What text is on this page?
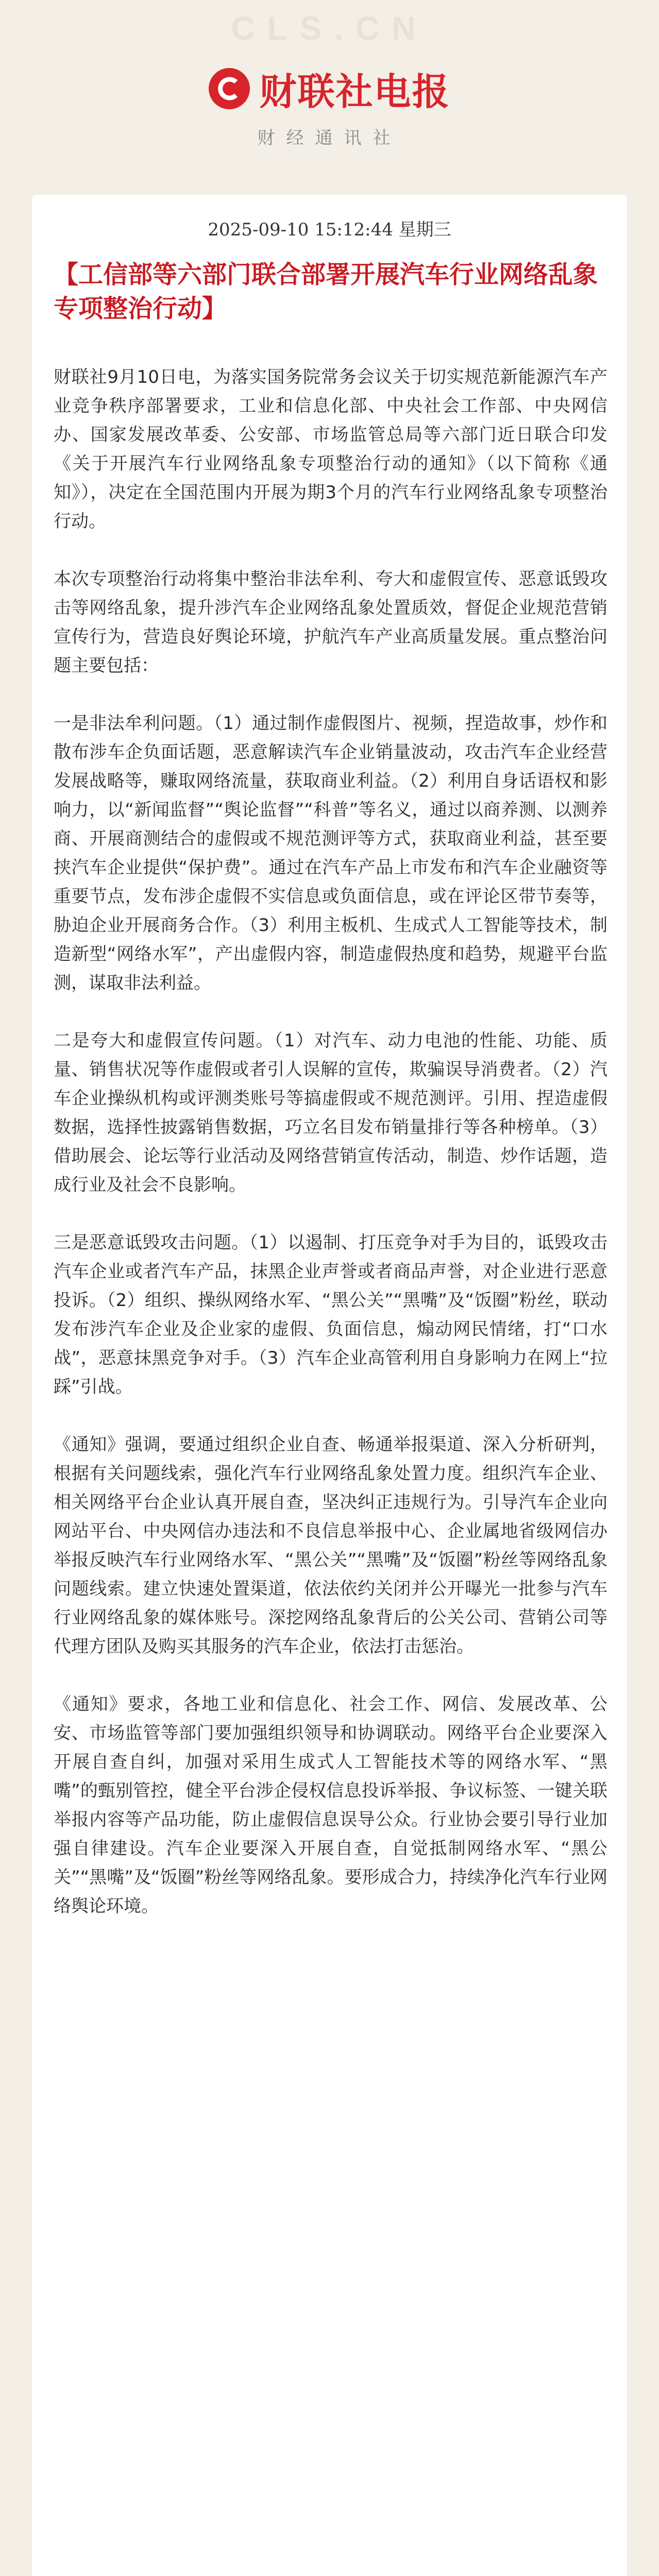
CLS.CN
财联社电报
财经通讯社
2025-09-10 15:12:44 星期三
【工信部等六部门联合部署开展汽车行业网络乱象专项整治行动】

财联社9月10日电，为落实国务院常务会议关于切实规范新能源汽车产业竞争秩序部署要求，工业和信息化部、中央社会工作部、中央网信办、国家发展改革委、公安部、市场监管总局等六部门近日联合印发《关于开展汽车行业网络乱象专项整治行动的通知》（以下简称《通知》），决定在全国范围内开展为期3个月的汽车行业网络乱象专项整治行动。

本次专项整治行动将集中整治非法牟利、夸大和虚假宣传、恶意诋毁攻击等网络乱象，提升涉汽车企业网络乱象处置质效，督促企业规范营销宣传行为，营造良好舆论环境，护航汽车产业高质量发展。重点整治问题主要包括：

一是非法牟利问题。（1）通过制作虚假图片、视频，捏造故事，炒作和散布涉车企负面话题，恶意解读汽车企业销量波动，攻击汽车企业经营发展战略等，赚取网络流量，获取商业利益。（2）利用自身话语权和影响力，以“新闻监督”“舆论监督”“科普”等名义，通过以商养测、以测养商、开展商测结合的虚假或不规范测评等方式，获取商业利益，甚至要挟汽车企业提供“保护费”。通过在汽车产品上市发布和汽车企业融资等重要节点，发布涉企虚假不实信息或负面信息，或在评论区带节奏等，胁迫企业开展商务合作。（3）利用主板机、生成式人工智能等技术，制造新型“网络水军”，产出虚假内容，制造虚假热度和趋势，规避平台监测，谋取非法利益。

二是夸大和虚假宣传问题。（1）对汽车、动力电池的性能、功能、质量、销售状况等作虚假或者引人误解的宣传，欺骗误导消费者。（2）汽车企业操纵机构或评测类账号等搞虚假或不规范测评。引用、捏造虚假数据，选择性披露销售数据，巧立名目发布销量排行等各种榜单。（3）借助展会、论坛等行业活动及网络营销宣传活动，制造、炒作话题，造成行业及社会不良影响。

三是恶意诋毁攻击问题。（1）以遏制、打压竞争对手为目的，诋毁攻击汽车企业或者汽车产品，抹黑企业声誉或者商品声誉，对企业进行恶意投诉。（2）组织、操纵网络水军、“黑公关”“黑嘴”及“饭圈”粉丝，联动发布涉汽车企业及企业家的虚假、负面信息，煽动网民情绪，打“口水战”，恶意抹黑竞争对手。（3）汽车企业高管利用自身影响力在网上“拉踩”引战。

《通知》强调，要通过组织企业自查、畅通举报渠道、深入分析研判，根据有关问题线索，强化汽车行业网络乱象处置力度。组织汽车企业、相关网络平台企业认真开展自查，坚决纠正违规行为。引导汽车企业向网站平台、中央网信办违法和不良信息举报中心、企业属地省级网信办举报反映汽车行业网络水军、“黑公关”“黑嘴”及“饭圈”粉丝等网络乱象问题线索。建立快速处置渠道，依法依约关闭并公开曝光一批参与汽车行业网络乱象的媒体账号。深挖网络乱象背后的公关公司、营销公司等代理方团队及购买其服务的汽车企业，依法打击惩治。

《通知》要求，各地工业和信息化、社会工作、网信、发展改革、公安、市场监管等部门要加强组织领导和协调联动。网络平台企业要深入开展自查自纠，加强对采用生成式人工智能技术等的网络水军、“黑嘴”的甄别管控，健全平台涉企侵权信息投诉举报、争议标签、一键关联举报内容等产品功能，防止虚假信息误导公众。行业协会要引导行业加强自律建设。汽车企业要深入开展自查，自觉抵制网络水军、“黑公关”“黑嘴”及“饭圈”粉丝等网络乱象。要形成合力，持续净化汽车行业网络舆论环境。
